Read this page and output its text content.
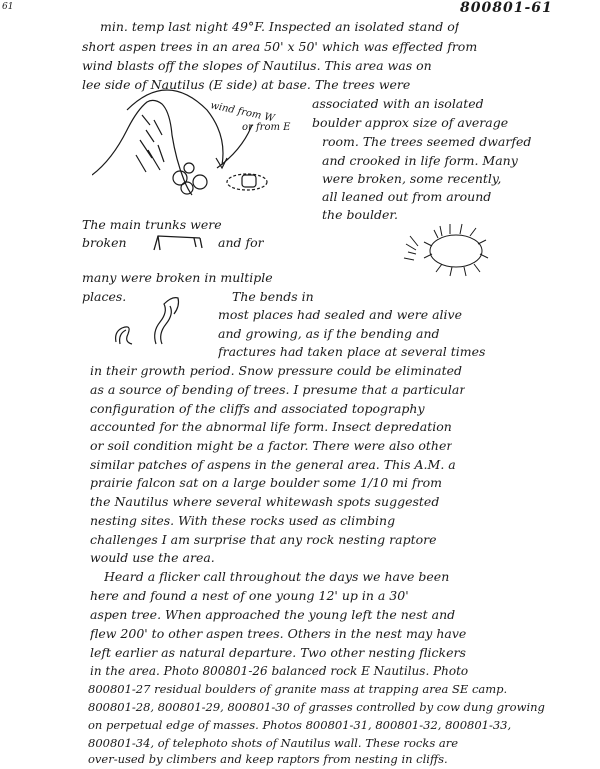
61	800801-61
wind from W
or from E
min. temp last night 49°F. Inspected an isolated stand of
short aspen trees in an area 50' x 50' which was effected from
wind blasts off the slopes of Nautilus. This area was on
lee side of Nautilus (E side) at base. The trees were
associated with an isolated
boulder approx size of average
room. The trees seemed dwarfed
and crooked in life form. Many
were broken, some recently,
all leaned out from around
the boulder.
The main trunks were
broken	and for
many were broken in multiple
places.	The bends in
most places had sealed and were alive
and growing, as if the bending and
fractures had taken place at several times
in their growth period. Snow pressure could be eliminated
as a source of bending of trees. I presume that a particular
configuration of the cliffs and associated topography
accounted for the abnormal life form. Insect depredation
or soil condition might be a factor. There were also other
similar patches of aspens in the general area. This A.M. a
prairie falcon sat on a large boulder some 1/10 mi from
the Nautilus where several whitewash spots suggested
nesting sites. With these rocks used as climbing
challenges I am surprise that any rock nesting raptore
would use the area.
Heard a flicker call throughout the days we have been
here and found a nest of one young 12' up in a 30'
aspen tree. When approached the young left the nest and
flew 200' to other aspen trees. Others in the nest may have
left earlier as natural departure. Two other nesting flickers
in the area. Photo 800801-26 balanced rock E Nautilus. Photo
800801-27 residual boulders of granite mass at trapping area SE camp.
800801-28, 800801-29, 800801-30 of grasses controlled by cow dung growing
on perpetual edge of masses. Photos 800801-31, 800801-32, 800801-33,
800801-34, of telephoto shots of Nautilus wall. These rocks are
over-used by climbers and keep raptors from nesting in cliffs.
